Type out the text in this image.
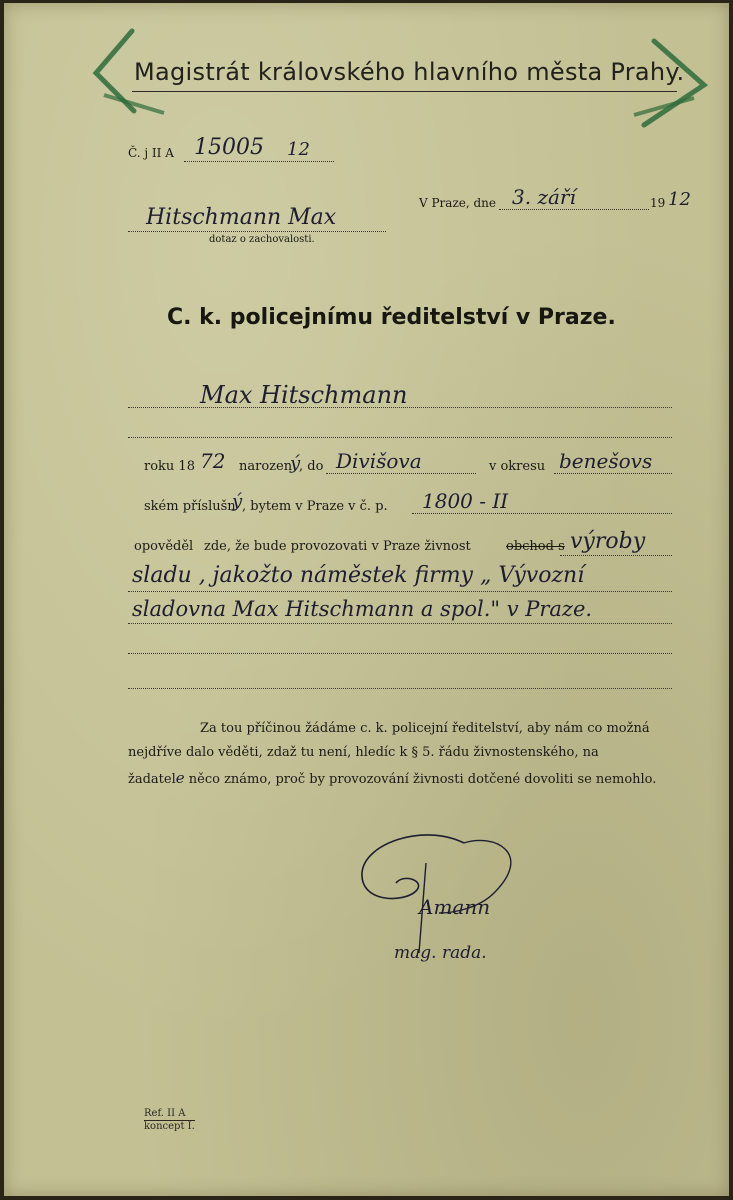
Magistrát královského hlavního města Prahy.
Č. j II A 15005 12
V Praze, dne 3. září	19 12
Hitschmann Max
dotaz o zachovalosti.
C. k. policejnímu ředitelství v Praze.
Max Hitschmann
roku 18 72 narozen
ý
, do Divišova	v okresu benešovs
ském příslušn
ý , bytem v Praze v č. p. 1800 - II
opověděl zde, že bude provozovati v Praze živnost	obchod s výroby
sladu , jakožto náměstek firmy „ Vývozní
sladovna Max Hitschmann a spol." v Praze.
Za tou příčinou žádáme c. k. policejní ředitelství, aby nám co možná
nejdříve dalo věděti, zdaž tu není, hledíc k § 5. řádu živnostenského, na
žadatele něco známo, proč by provozování živnosti dotčené dovoliti se nemohlo.
Amann
mag. rada.
Ref. II A
koncept I.
